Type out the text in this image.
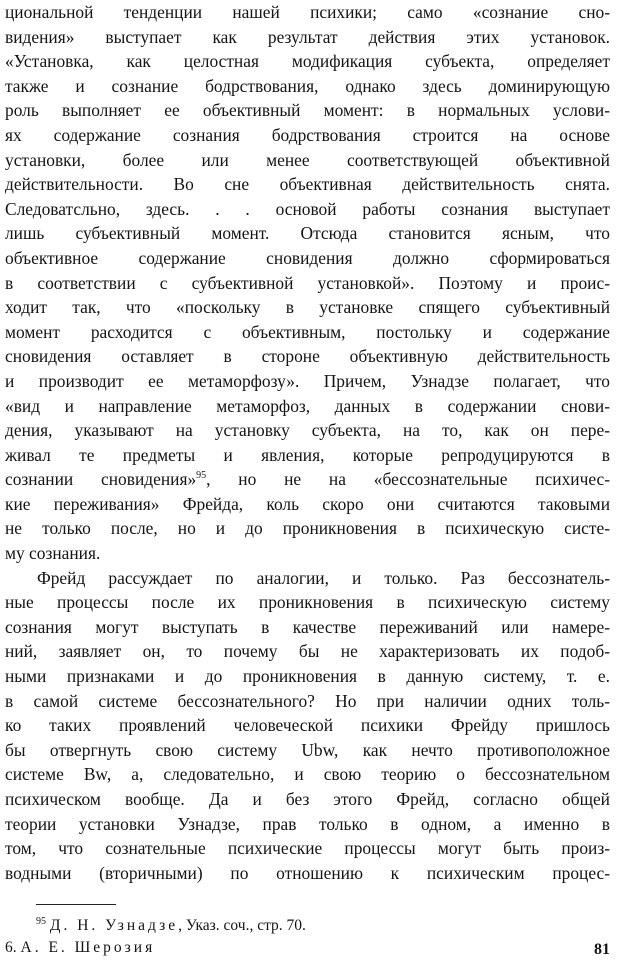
циональной тенденции нашей психики; само «сознание сно-
видения» выступает как результат действия этих установок.
«Установка, как целостная модификация субъекта, определяет
также и сознание бодрствования, однако здесь доминирующую
роль выполняет ее объективный момент: в нормальных услови-
ях содержание сознания бодрствования строится на основе
установки, более или менее соответствующей объективной
действительности. Во сне объективная действительность снята.
Следоватсльно, здесь. . . основой работы сознания выступает
лишь субъективный момент. Отсюда становится ясным, что
объективное содержание сновидения должно сформироваться
в соответствии с субъективной установкой». Поэтому и проис-
ходит так, что «поскольку в установке спящего субъективный
момент расходится с объективным, постольку и содержание
сновидения оставляет в стороне объективную действительность
и производит ее метаморфозу». Причем, Узнадзе полагает, что
«вид и направление метаморфоз, данных в содержании снови-
дения, указывают на установку субъекта, на то, как он пере-
живал те предметы и явления, которые репродуцируются в
сознании сновидения»$^{95}$, но не на «бессознательные психичес-
кие переживания» Фрейда, коль скоро они считаются таковыми
не только после, но и до проникновения в психическую систе-
му сознания.
Фрейд рассуждает по аналогии, и только. Раз бессознатель-
ные процессы после их проникновения в психическую систему
сознания могут выступать в качестве переживаний или намере-
ний, заявляет он, то почему бы не характеризовать их подоб-
ными признаками и до проникновения в данную систему, т. е.
в самой системе бессознательного? Но при наличии одних толь-
ко таких проявлений человеческой психики Фрейду пришлось
бы отвергнуть свою систему Ubw, как нечто противоположное
системе Bw, а, следовательно, и свою теорию о бессознательном
психическом вообще. Да и без этого Фрейд, согласно общей
теории установки Узнадзе, прав только в одном, а именно в
том, что сознательные психические процессы могут быть произ-
водными (вторичными) по отношению к психическим процес-
$^{95}$ Д. Н. Узнадзе, Указ. соч., стр. 70.
6. А. Е. Шерозия	81
